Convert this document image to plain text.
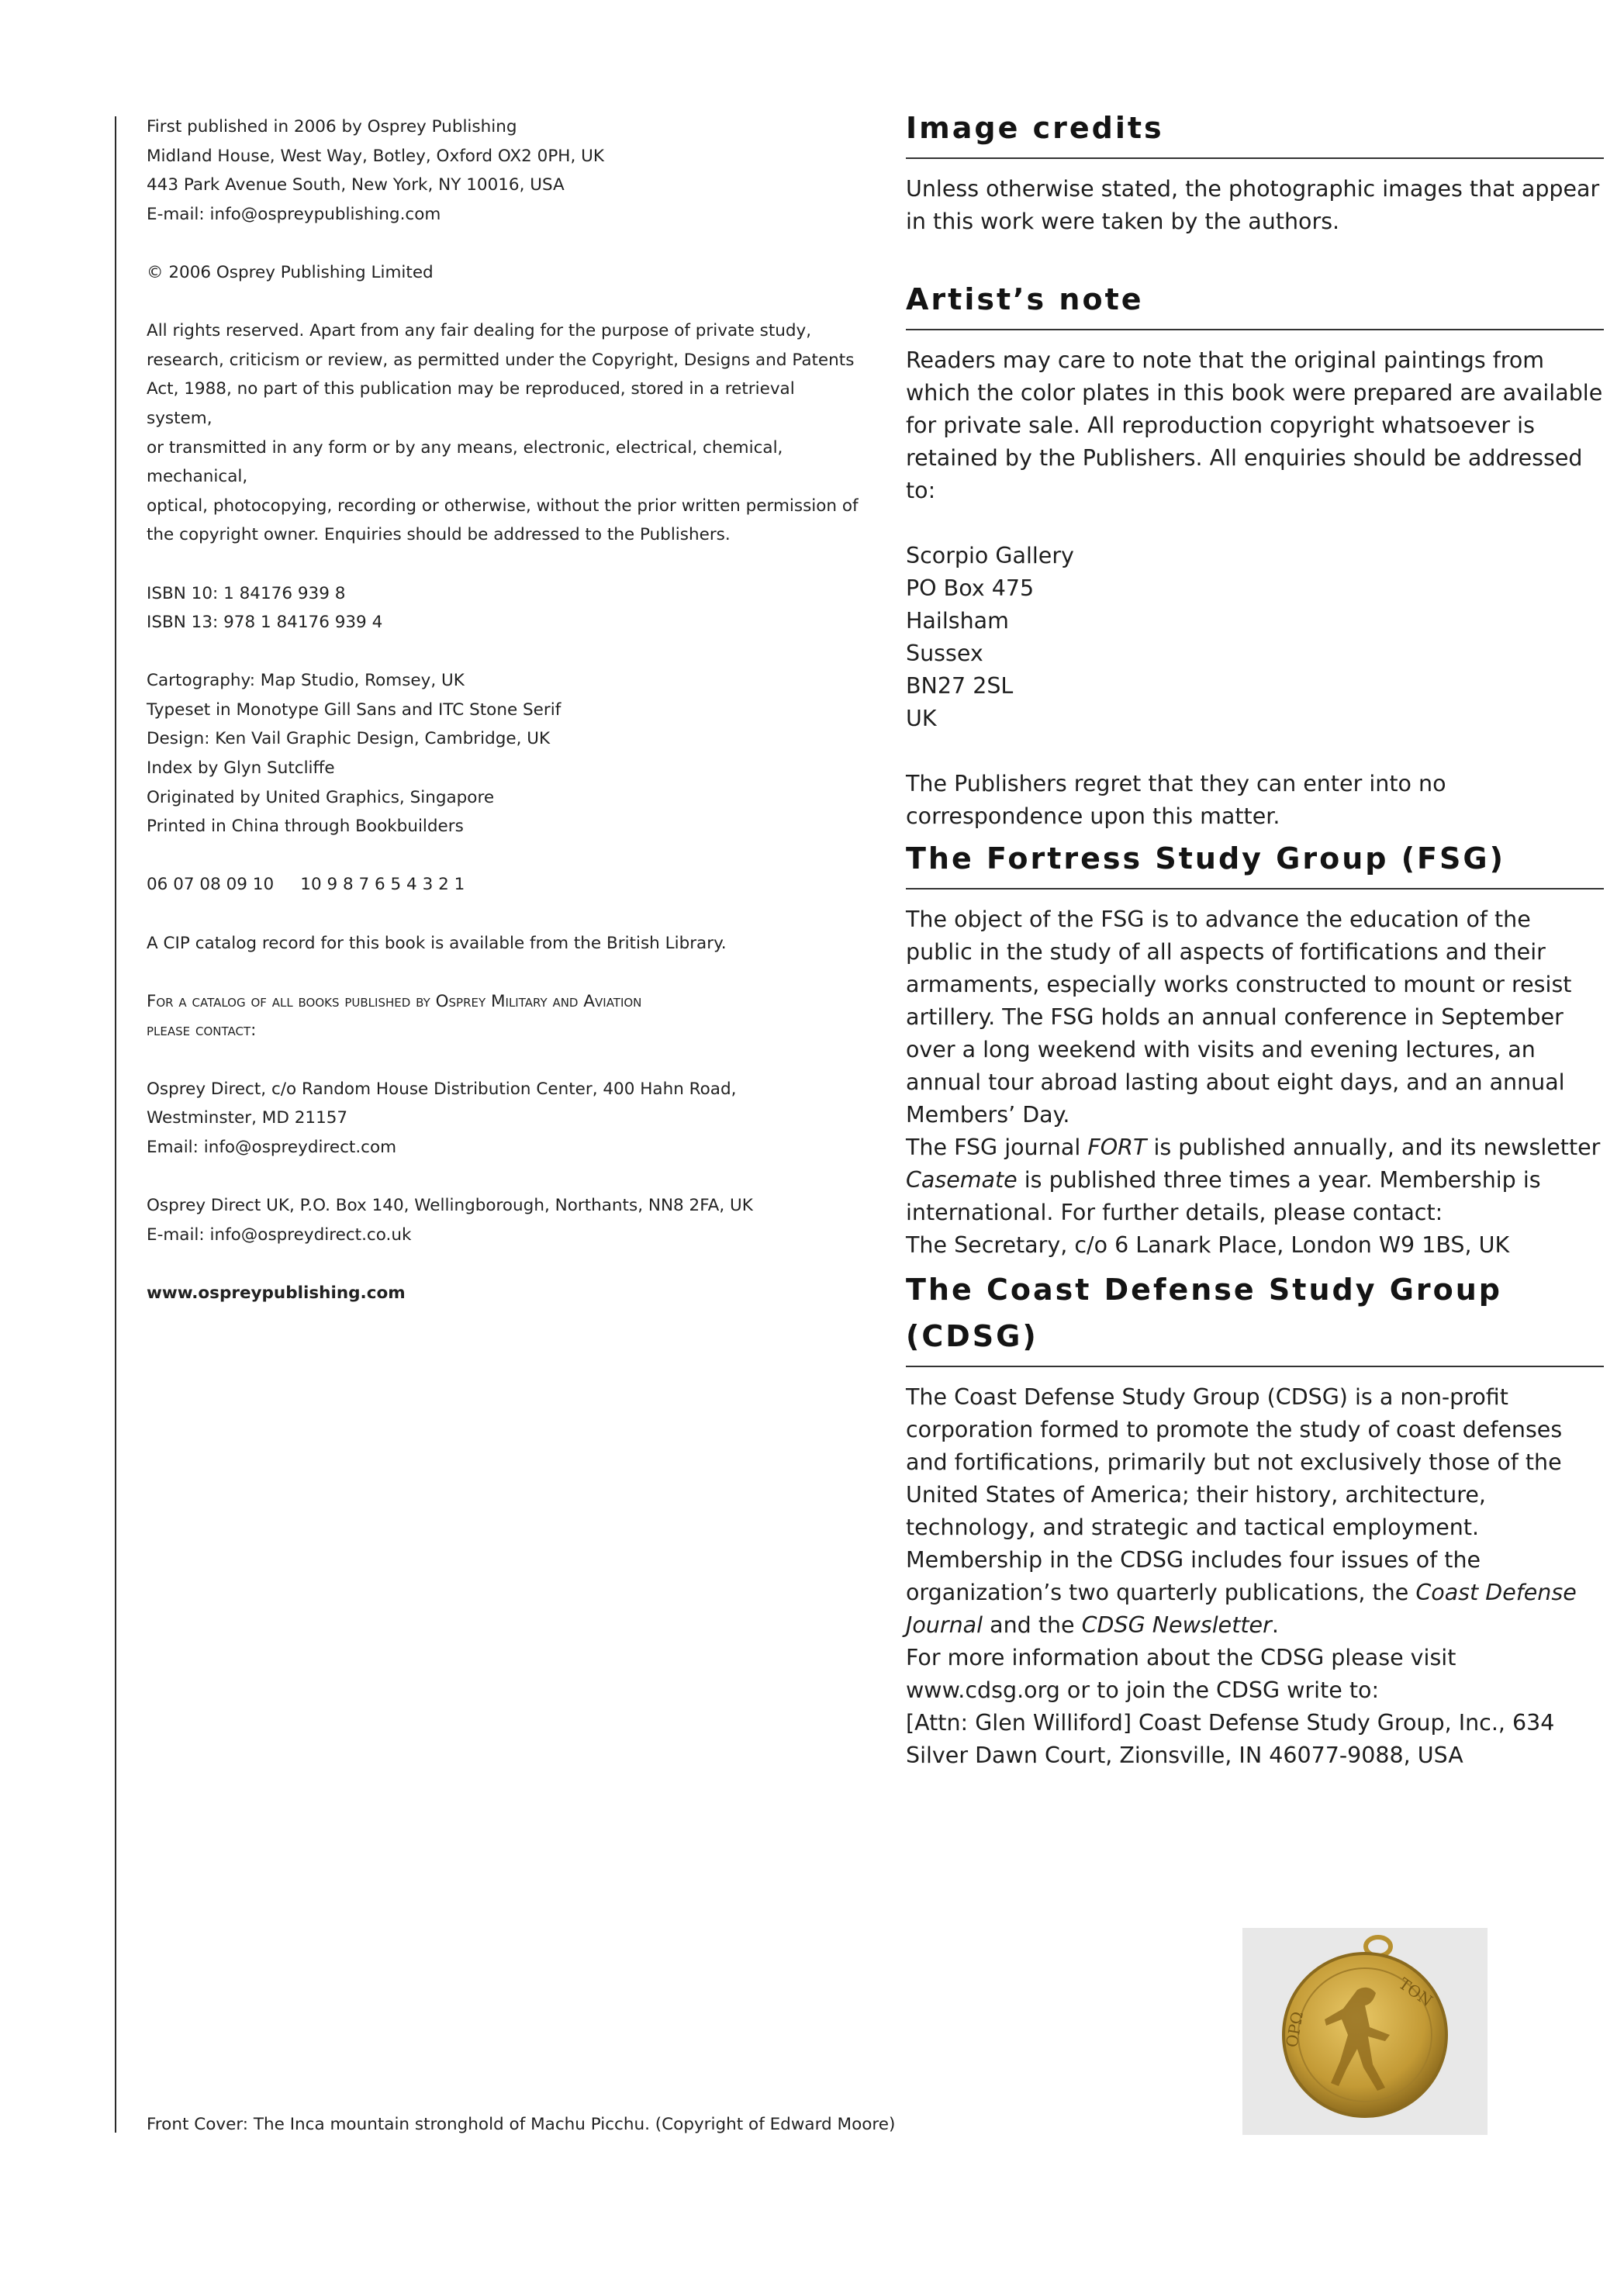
First published in 2006 by Osprey Publishing

Midland House, West Way, Botley, Oxford OX2 0PH, UK

443 Park Avenue South, New York, NY 10016, USA

E-mail: info@ospreypublishing.com

© 2006 Osprey Publishing Limited

All rights reserved. Apart from any fair dealing for the purpose of private study,

research, criticism or review, as permitted under the Copyright, Designs and Patents

Act, 1988, no part of this publication may be reproduced, stored in a retrieval system,

or transmitted in any form or by any means, electronic, electrical, chemical, mechanical,

optical, photocopying, recording or otherwise, without the prior written permission of

the copyright owner. Enquiries should be addressed to the Publishers.

ISBN 10: 1 84176 939 8

ISBN 13: 978 1 84176 939 4

Cartography: Map Studio, Romsey, UK

Typeset in Monotype Gill Sans and ITC Stone Serif

Design: Ken Vail Graphic Design, Cambridge, UK

Index by Glyn Sutcliffe

Originated by United Graphics, Singapore

Printed in China through Bookbuilders

06 07 08 09 10     10 9 8 7 6 5 4 3 2 1

A CIP catalog record for this book is available from the British Library.

For a catalog of all books published by Osprey Military and Aviation

please contact:

Osprey Direct, c/o Random House Distribution Center, 400 Hahn Road,

Westminster, MD 21157

Email: info@ospreydirect.com

Osprey Direct UK, P.O. Box 140, Wellingborough, Northants, NN8 2FA, UK

E-mail: info@ospreydirect.co.uk

www.ospreypublishing.com

Front Cover: The Inca mountain stronghold of Machu Picchu. (Copyright of Edward Moore)
Image credits

Unless otherwise stated, the photographic images that appear in this work were taken by the authors.

Artist’s note

Readers may care to note that the original paintings from which the color plates in this book were prepared are available for private sale. All reproduction copyright whatsoever is retained by the Publishers. All enquiries should be addressed to:

Scorpio Gallery

PO Box 475

Hailsham

Sussex

BN27 2SL

UK

The Publishers regret that they can enter into no correspondence upon this matter.

The Fortress Study Group (FSG)

The object of the FSG is to advance the education of the public in the study of all aspects of fortifications and their armaments, especially works constructed to mount or resist artillery. The FSG holds an annual conference in September over a long weekend with visits and evening lectures, an annual tour abroad lasting about eight days, and an annual Members’ Day.

The FSG journal FORT is published annually, and its newsletter Casemate is published three times a year. Membership is international. For further details, please contact:

The Secretary, c/o 6 Lanark Place, London W9 1BS, UK

The Coast Defense Study Group (CDSG)

The Coast Defense Study Group (CDSG) is a non-profit corporation formed to promote the study of coast defenses and fortifications, primarily but not exclusively those of the United States of America; their history, architecture, technology, and strategic and tactical employment. Membership in the CDSG includes four issues of the organization’s two quarterly publications, the Coast Defense Journal and the CDSG Newsletter.

For more information about the CDSG please visit www.cdsg.org or to join the CDSG write to:

[Attn: Glen Williford] Coast Defense Study Group, Inc., 634 Silver Dawn Court, Zionsville, IN 46077-9088, USA

ΤΟΝ
ΟΡΩ
